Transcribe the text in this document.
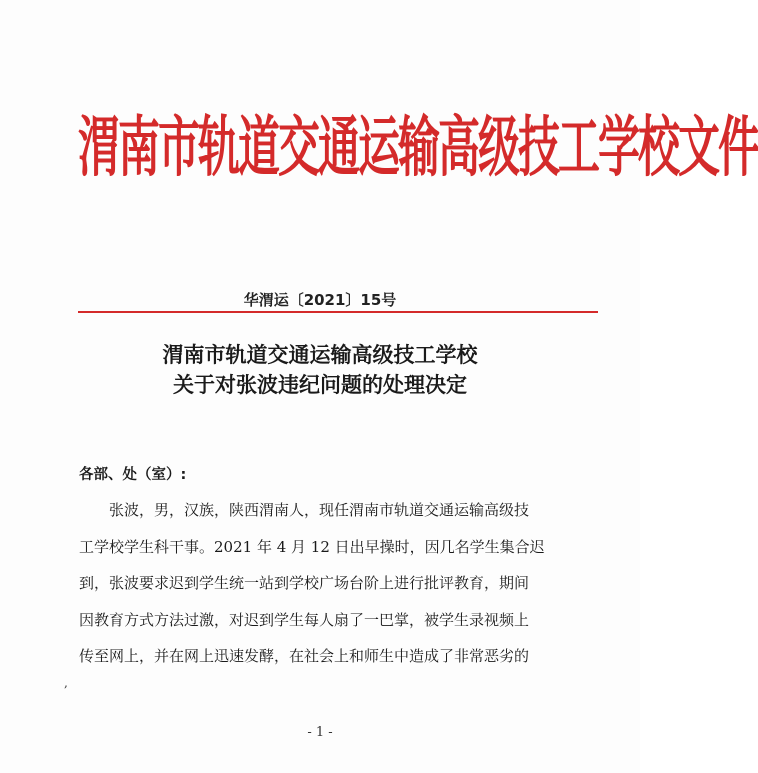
渭南市轨道交通运输高级技工学校文件
华渭运〔2021〕15号
渭南市轨道交通运输高级技工学校
关于对张波违纪问题的处理决定
各部、处（室）:
张波，男，汉族，陕西渭南人，现任渭南市轨道交通运输高级技
工学校学生科干事。2021 年 4 月 12 日出早操时，因几名学生集合迟
到，张波要求迟到学生统一站到学校广场台阶上进行批评教育，期间
因教育方式方法过激，对迟到学生每人扇了一巴掌，被学生录视频上
传至网上，并在网上迅速发酵，在社会上和师生中造成了非常恶劣的
,
- 1 -
